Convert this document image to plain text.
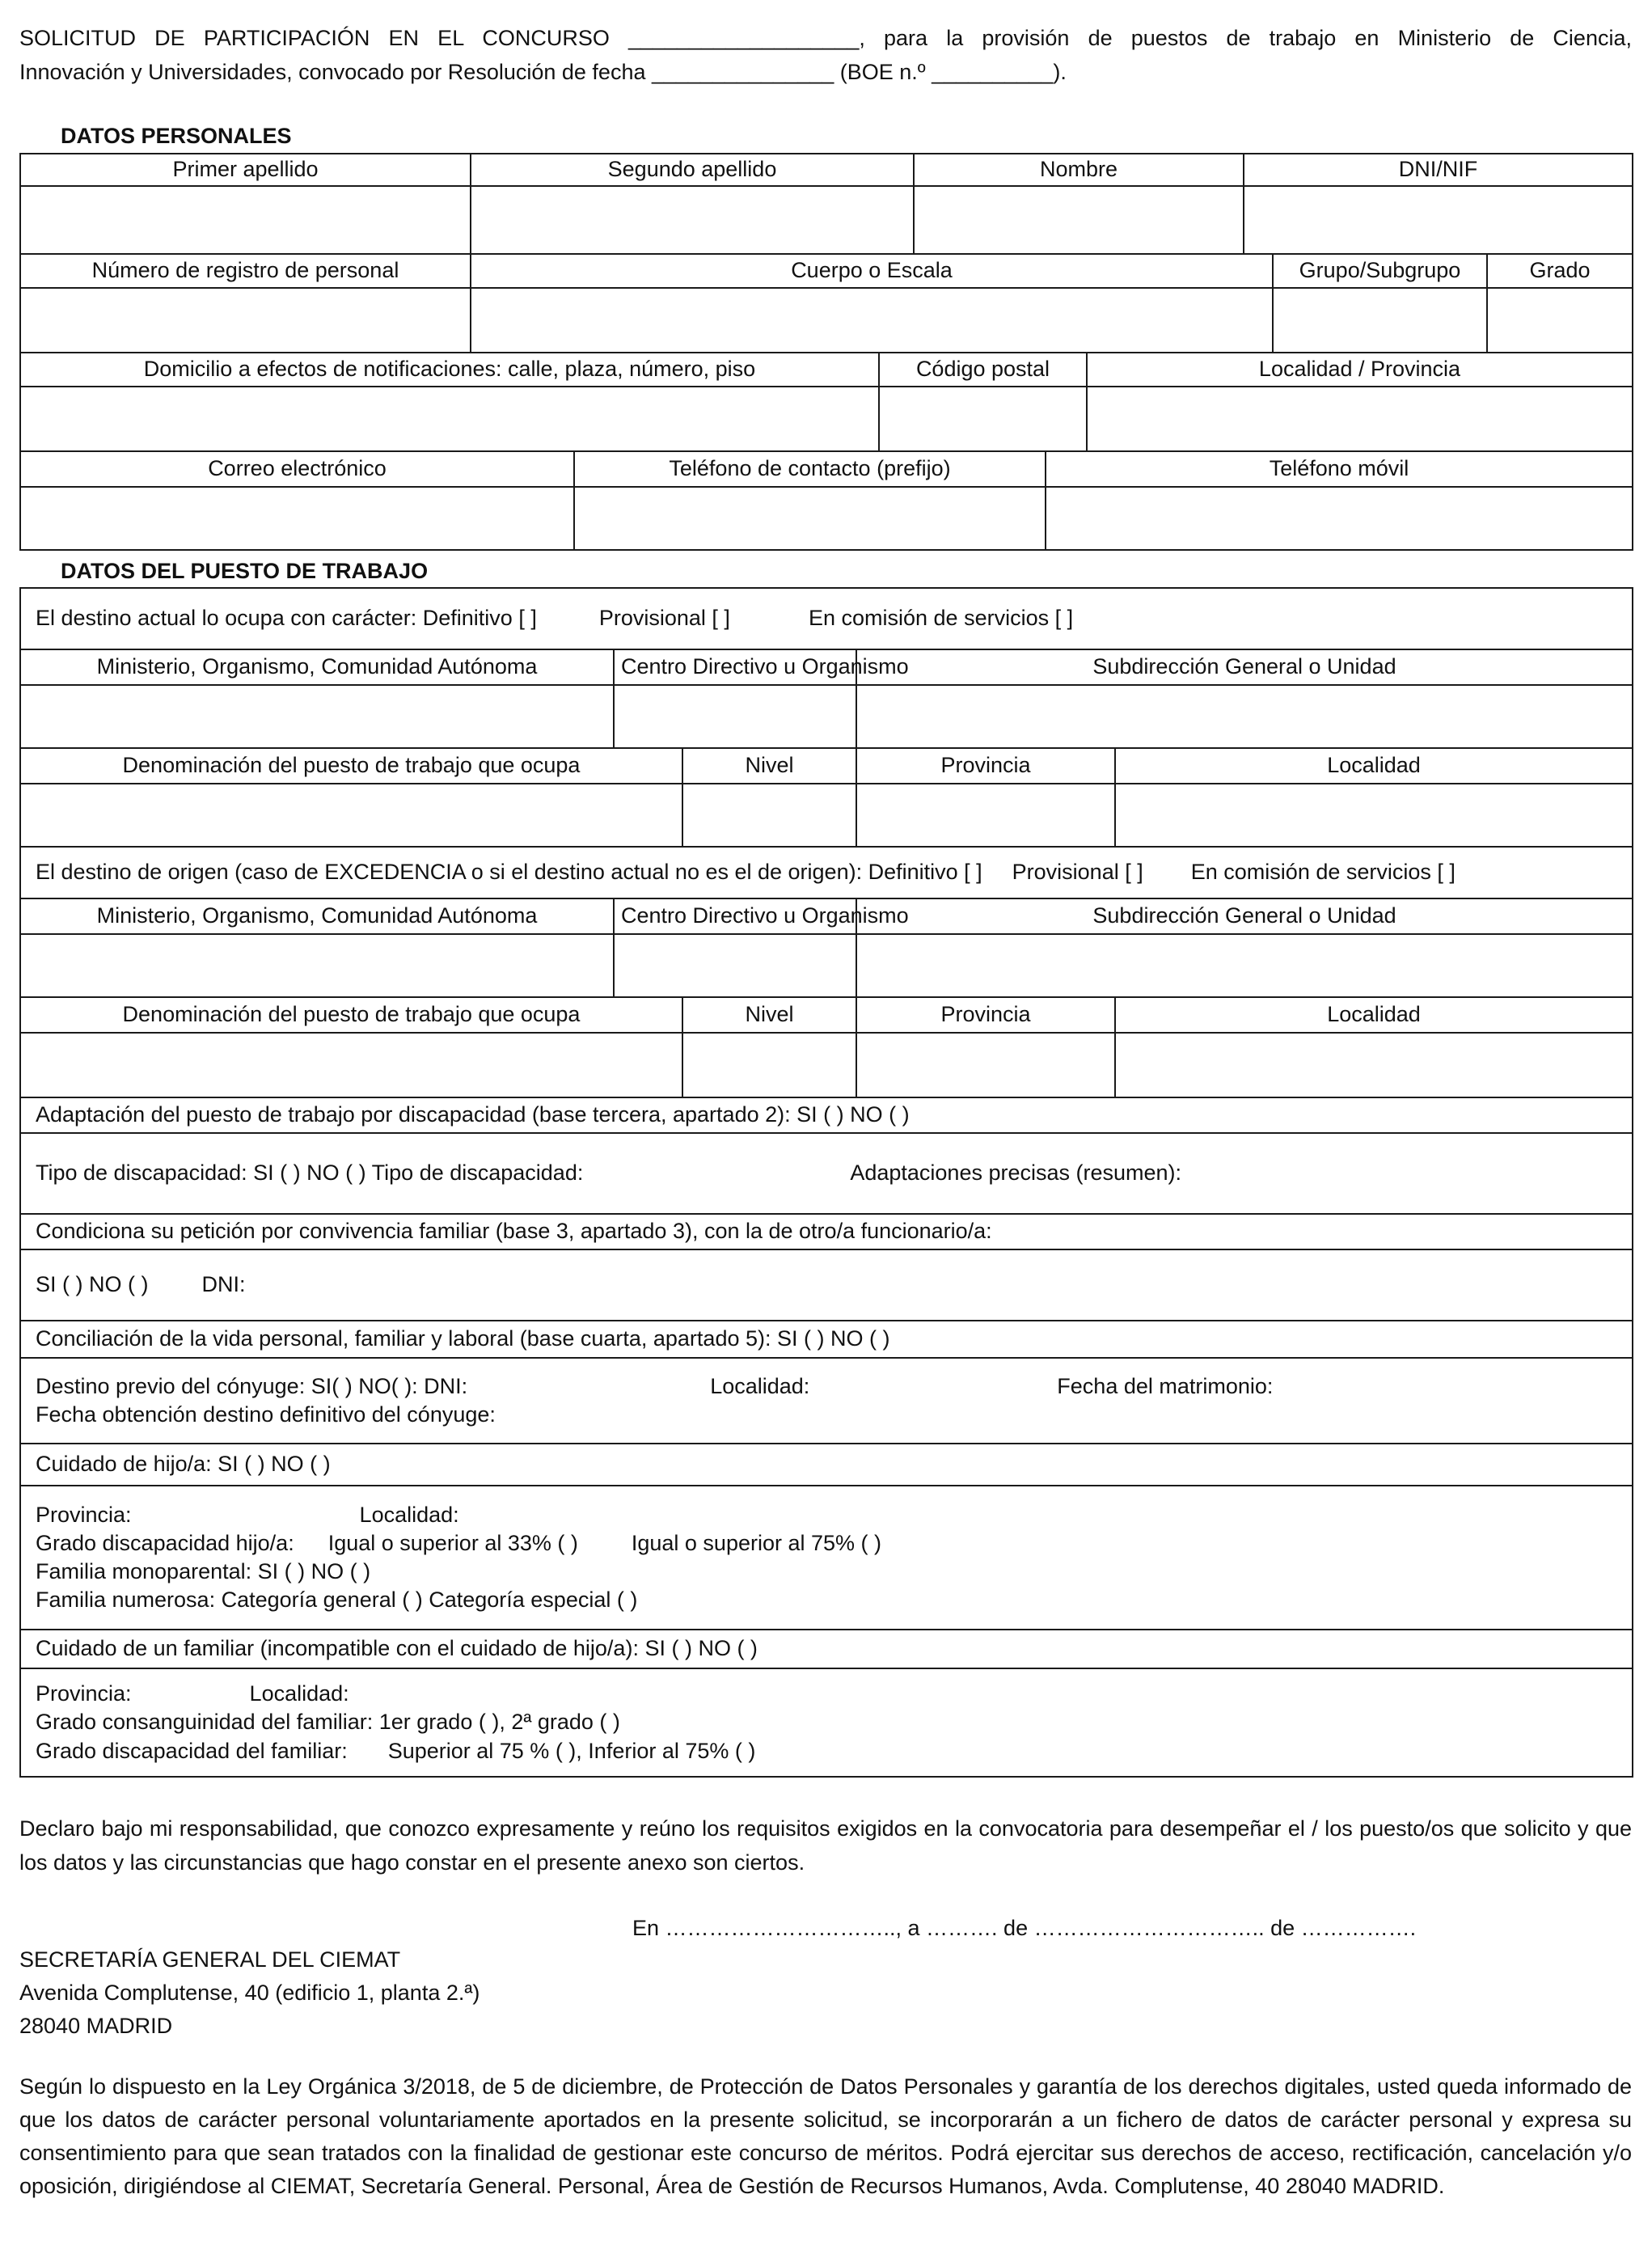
SOLICITUD DE PARTICIPACIÓN EN EL CONCURSO ___________________, para la provisión de puestos de trabajo en Ministerio de Ciencia,
Innovación y Universidades, convocado por Resolución de fecha _______________ (BOE n.º __________).
DATOS PERSONALES
Primer apellido	Segundo apellido	Nombre	DNI/NIF

Número de registro de personal	Cuerpo o Escala	Grupo/Subgrupo	Grado

Domicilio a efectos de notificaciones: calle, plaza, número, piso	Código postal	Localidad / Provincia

Correo electrónico	Teléfono de contacto (prefijo)	Teléfono móvil

DATOS DEL PUESTO DE TRABAJO
El destino actual lo ocupa con carácter: Definitivo [ ] Provisional [ ] En comisión de servicios [ ]				
Ministerio, Organismo, Comunidad Autónoma	Centro Directivo u Organismo		Subdirección General o Unidad	

Denominación del puesto de trabajo que ocupa		Nivel	Provincia	Localidad

El destino de origen (caso de EXCEDENCIA o si el destino actual no es el de origen): Definitivo [ ] Provisional [ ] En comisión de servicios [ ]				
Ministerio, Organismo, Comunidad Autónoma	Centro Directivo u Organismo		Subdirección General o Unidad	

Denominación del puesto de trabajo que ocupa		Nivel	Provincia	Localidad

Adaptación del puesto de trabajo por discapacidad (base tercera, apartado 2): SI ( ) NO ( )
Tipo de discapacidad: SI ( ) NO ( ) Tipo de discapacidad:	Adaptaciones precisas (resumen):
Condiciona su petición por convivencia familiar (base 3, apartado 3), con la de otro/a funcionario/a:
SI ( ) NO ( ) DNI:
Conciliación de la vida personal, familiar y laboral (base cuarta, apartado 5): SI ( ) NO ( )

Destino previo del cónyuge: SI( ) NO( ): DNI:	Localidad:	Fecha del matrimonio:
Fecha obtención destino definitivo del cónyuge:

Cuidado de hijo/a: SI ( ) NO ( )

Provincia:	Localidad:
Grado discapacidad hijo/a: Igual o superior al 33% ( ) Igual o superior al 75% ( )
Familia monoparental: SI ( ) NO ( )
Familia numerosa: Categoría general ( ) Categoría especial ( )

Cuidado de un familiar (incompatible con el cuidado de hijo/a): SI ( ) NO ( )

Provincia:	Localidad:
Grado consanguinidad del familiar: 1er grado ( ), 2ª grado ( )
Grado discapacidad del familiar: Superior al 75 % ( ), Inferior al 75% ( )
Declaro bajo mi responsabilidad, que conozco expresamente y reúno los requisitos exigidos en la convocatoria para desempeñar el / los puesto/os que solicito y que los datos y las circunstancias que hago constar en el presente anexo son ciertos.
En ………………………….., a ………. de ………………………….. de …………….
SECRETARÍA GENERAL DEL CIEMAT
Avenida Complutense, 40 (edificio 1, planta 2.ª)
28040 MADRID
Según lo dispuesto en la Ley Orgánica 3/2018, de 5 de diciembre, de Protección de Datos Personales y garantía de los derechos digitales, usted queda informado de que los datos de carácter personal voluntariamente aportados en la presente solicitud, se incorporarán a un fichero de datos de carácter personal y expresa su consentimiento para que sean tratados con la finalidad de gestionar este concurso de méritos. Podrá ejercitar sus derechos de acceso, rectificación, cancelación y/o oposición, dirigiéndose al CIEMAT, Secretaría General. Personal, Área de Gestión de Recursos Humanos, Avda. Complutense, 40 28040 MADRID.
